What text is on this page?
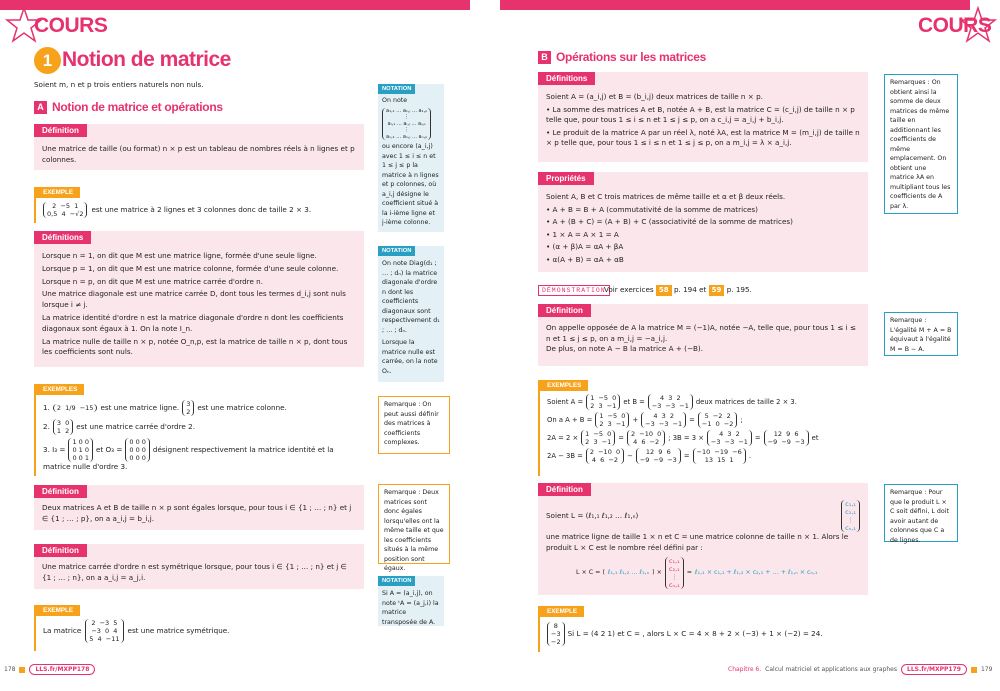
COURS
1 Notion de matrice
Soient m, n et p trois entiers naturels non nuls.
A Notion de matrice et opérations
Définition
Une matrice de taille (ou format) n × p est un tableau de nombres réels à n lignes et p colonnes.
EXEMPLE
2  −5  1
0,5  4  −√2
est une matrice à 2 lignes et 3 colonnes donc de taille 2 × 3.
Définitions
Lorsque n = 1, on dit que M est une matrice ligne, formée d'une seule ligne.
Lorsque p = 1, on dit que M est une matrice colonne, formée d'une seule colonne.
Lorsque n = p, on dit que M est une matrice carrée d'ordre n.
Une matrice diagonale est une matrice carrée D, dont tous les termes d_i,j sont nuls lorsque i ≠ j.
La matrice identité d'ordre n est la matrice diagonale d'ordre n dont les coefficients diagonaux sont égaux à 1. On la note I_n.
La matrice nulle de taille n × p, notée O_n,p, est la matrice de taille n × p, dont tous les coefficients sont nuls.
EXEMPLES
1.	2  1/9  −15 est une matrice ligne.	3
2
est une matrice colonne.
2.	3  0
1  2
est une matrice carrée d'ordre 2.
3. I₃ =
1 0 0
0 1 0
0 0 1
et O₃ =
0 0 0
0 0 0
0 0 0
désignent respectivement la matrice identité et la
matrice nulle d'ordre 3.
Définition
Deux matrices A et B de taille n × p sont égales lorsque, pour tous i ∈ {1 ; … ; n} et j ∈ {1 ; … ; p}, on a a_i,j = b_i,j.
Définition
Une matrice carrée d'ordre n est symétrique lorsque, pour tous i ∈ {1 ; … ; n} et j ∈ {1 ; … ; n}, on a a_i,j = a_j,i.
EXEMPLE
La matrice
2  −3  5
−3  0  4
5  4  −11
est une matrice symétrique.
NOTATION
On note
a₁,₁ … a₁,ⱼ … a₁,ₚ
⋮
aᵢ,₁ … aᵢ,ⱼ … aᵢ,ₚ
⋮
aₙ,₁ … aₙ,ⱼ … aₙ,ₚ
ou encore (a_i,j) avec 1 ≤ i ≤ n et 1 ≤ j ≤ p la matrice à n lignes et p colonnes, où a_i,j désigne le coefficient situé à la i-ième ligne et j-ième colonne.
NOTATION
On note Diag(d₁ ; … ; dₙ) la matrice diagonale d'ordre n dont les coefficients diagonaux sont respectivement d₁ ; … ; dₙ.
Lorsque la matrice nulle est carrée, on la note Oₙ.
Remarque : On peut aussi définir des matrices à coefficients complexes.
Remarque : Deux matrices sont donc égales lorsqu'elles ont la même taille et que les coefficients situés à la même position sont égaux.
NOTATION
Si A = (a_i,j), on note ᵗA = (a_j,i) la matrice transposée de A.
178	LLS.fr/MXPP178
COURS
B Opérations sur les matrices
Définitions
Soient A = (a_i,j) et B = (b_i,j) deux matrices de taille n × p.
• La somme des matrices A et B, notée A + B, est la matrice C = (c_i,j) de taille n × p telle que, pour tous 1 ≤ i ≤ n et 1 ≤ j ≤ p, on a c_i,j = a_i,j + b_i,j.
• Le produit de la matrice A par un réel λ, noté λA, est la matrice M = (m_i,j) de taille n × p telle que, pour tous 1 ≤ i ≤ n et 1 ≤ j ≤ p, on a m_i,j = λ × a_i,j.
Propriétés
Soient A, B et C trois matrices de même taille et α et β deux réels.
• A + B = B + A (commutativité de la somme de matrices)
• A + (B + C) = (A + B) + C (associativité de la somme de matrices)
• 1 × A = A × 1 = A
• (α + β)A = αA + βA
• α(A + B) = αA + αB
DÉMONSTRATION
Voir exercices 58 p. 194 et 59 p. 195.
Définition
On appelle opposée de A la matrice M = (−1)A, notée −A, telle que, pour tous 1 ≤ i ≤ n et 1 ≤ j ≤ p, on a m_i,j = −a_i,j.
De plus, on note A − B la matrice A + (−B).
EXEMPLES
Soient A =	1  −5  0
2  3  −1
et B =	4  3  2
−3  −3  −1
deux matrices de taille 2 × 3.
On a A + B =	1  −5  0
2  3  −1
+	4  3  2
−3  −3  −1
=	5  −2  2
−1  0  −2
;
2A = 2 ×	1  −5  0
2  3  −1
=	2  −10  0
4  6  −2
; 3B = 3 ×	4  3  2
−3  −3  −1
=	12  9  6
−9  −9  −3
et
2A − 3B =	2  −10  0
4  6  −2
−	12  9  6
−9  −9  −3
=	−10  −19  −6
13  15  1
.
Définition
Soient L = (ℓ₁,₁ ℓ₁,₂ … ℓ₁,ₙ)
c₁,₁
c₂,₁
⋮
cₙ,₁
une matrice ligne de taille 1 × n et C = une matrice colonne de taille n × 1. Alors le produit L × C est le nombre réel défini par :
L × C = ( ℓ₁,₁ ℓ₁,₂ … ℓ₁,ₙ ) ×
c₁,₁
c₂,₁
⋮
cₙ,₁
= ℓ₁,₁ × c₁,₁ + ℓ₁,₂ × c₂,₁ + … + ℓ₁,ₙ × cₙ,₁
EXEMPLE
8
−3
−2
Si L = (4 2 1) et C = , alors L × C = 4 × 8 + 2 × (−3) + 1 × (−2) = 24.
Remarques : On obtient ainsi la somme de deux matrices de même taille en additionnant les coefficients de même emplacement. On obtient une matrice λA en multipliant tous les coefficients de A par λ.
Remarque : L'égalité M + A = B équivaut à l'égalité M = B − A.
Remarque : Pour que le produit L × C soit défini, L doit avoir autant de colonnes que C a de lignes.
Chapitre 6. Calcul matriciel et applications aux graphes	LLS.fr/MXPP179	179
